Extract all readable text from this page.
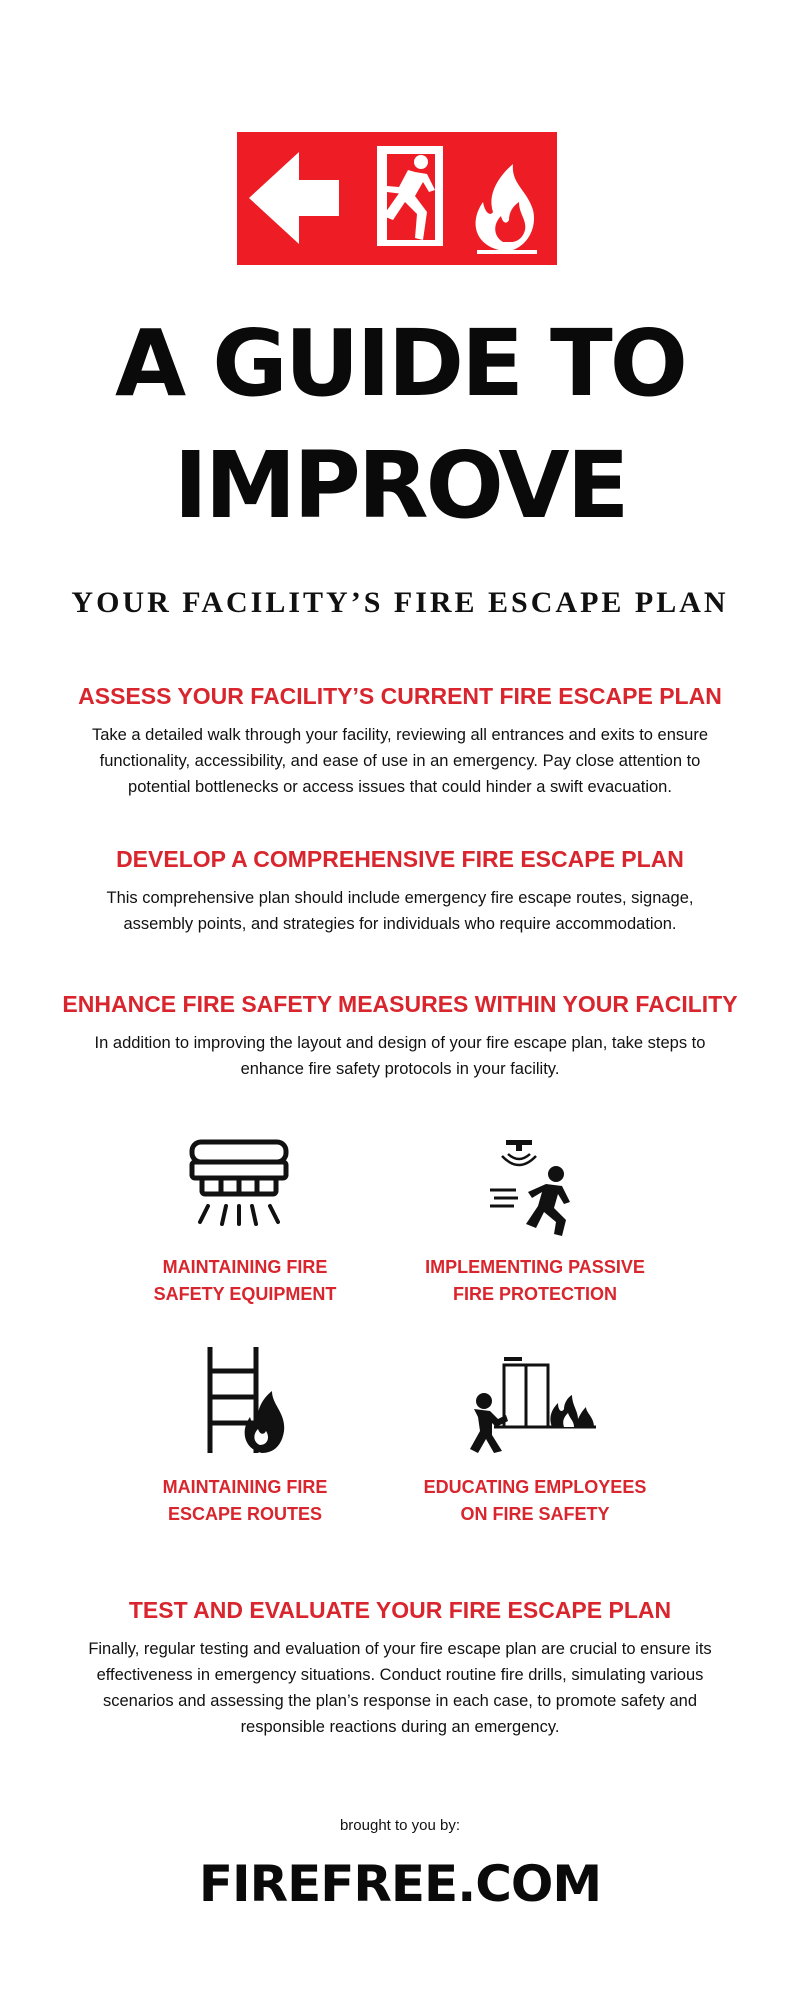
A GUIDE TO
IMPROVE
YOUR FACILITY’S FIRE ESCAPE PLAN
ASSESS YOUR FACILITY’S CURRENT FIRE ESCAPE PLAN
Take a detailed walk through your facility, reviewing all entrances and exits to ensure
functionality, accessibility, and ease of use in an emergency. Pay close attention to
potential bottlenecks or access issues that could hinder a swift evacuation.
DEVELOP A COMPREHENSIVE FIRE ESCAPE PLAN
This comprehensive plan should include emergency fire escape routes, signage,
assembly points, and strategies for individuals who require accommodation.
ENHANCE FIRE SAFETY MEASURES WITHIN YOUR FACILITY
In addition to improving the layout and design of your fire escape plan, take steps to
enhance fire safety protocols in your facility.
MAINTAINING FIRE
SAFETY EQUIPMENT
IMPLEMENTING PASSIVE
FIRE PROTECTION
MAINTAINING FIRE
ESCAPE ROUTES
EDUCATING EMPLOYEES
ON FIRE SAFETY
TEST AND EVALUATE YOUR FIRE ESCAPE PLAN
Finally, regular testing and evaluation of your fire escape plan are crucial to ensure its
effectiveness in emergency situations. Conduct routine fire drills, simulating various
scenarios and assessing the plan’s response in each case, to promote safety and
responsible reactions during an emergency.
brought to you by:
FIREFREE.COM
